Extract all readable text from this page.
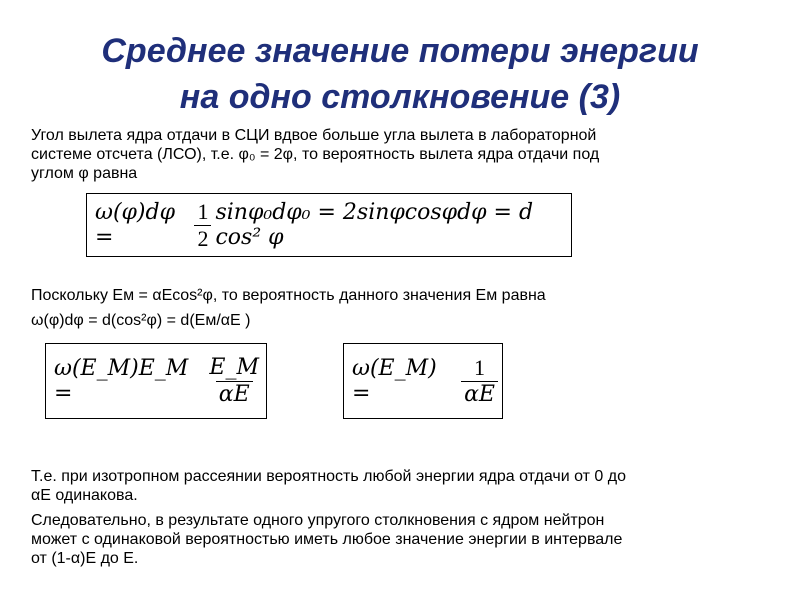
Среднее значение потери энергии
на одно столкновение (3)
Угол вылета ядра отдачи в СЦИ вдвое больше угла вылета в лабораторной
системе отсчета (ЛСО), т.е. φ₀ = 2φ, то вероятность вылета ядра отдачи под
углом φ равна
ω(φ)dφ =	$\frac{1}{2} \sin\varphi_0d\varphi_0 = 2\sin\varphi\cos\varphi d\varphi = d$ cos² φ
Поскольку Eм = αEcos²φ, то вероятность данного значения Eм равна
ω(φ)dφ = d(cos²φ) = d(Eм/αE )
ω(E_M)E_M =	$\frac{E\_M}{\alpha E}$	ω(E_M) =	$\frac{1}{\alpha E}$
Т.е. при изотропном рассеянии вероятность любой энергии ядра отдачи от 0 до
αE одинакова.
Следовательно, в результате одного упругого столкновения с ядром нейтрон
может с одинаковой вероятностью иметь любое значение энергии в интервале
от (1-α)E до E.
